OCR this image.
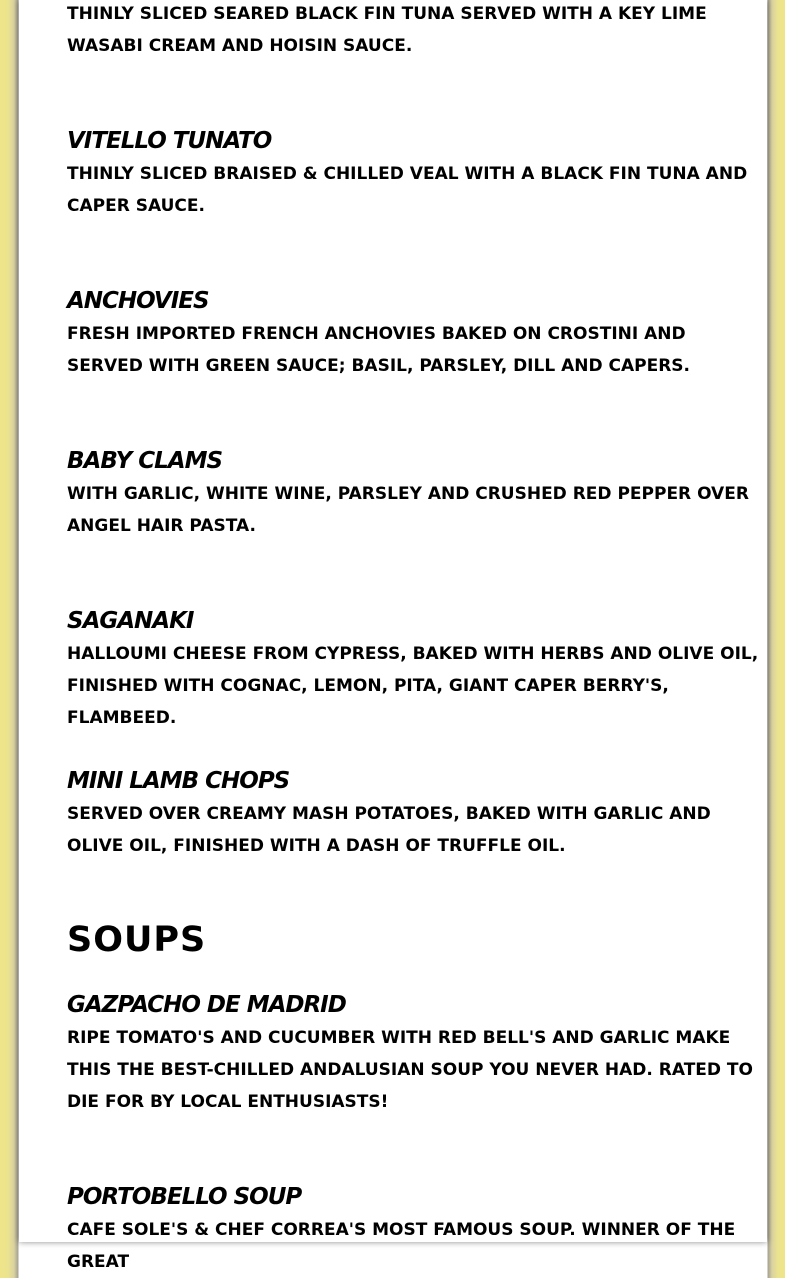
THINLY SLICED SEARED BLACK FIN TUNA SERVED WITH A KEY LIME WASABI CREAM AND HOISIN SAUCE.

VITELLO TUNATO

THINLY SLICED BRAISED & CHILLED VEAL WITH A BLACK FIN TUNA AND CAPER SAUCE.

ANCHOVIES

FRESH IMPORTED FRENCH ANCHOVIES BAKED ON CROSTINI AND SERVED WITH GREEN SAUCE; BASIL, PARSLEY, DILL AND CAPERS.

BABY CLAMS

WITH GARLIC, WHITE WINE, PARSLEY AND CRUSHED RED PEPPER OVER ANGEL HAIR PASTA.

SAGANAKI

HALLOUMI CHEESE FROM CYPRESS, BAKED WITH HERBS AND OLIVE OIL, FINISHED WITH COGNAC, LEMON, PITA, GIANT CAPER BERRY'S, FLAMBEED.

MINI LAMB CHOPS

SERVED OVER CREAMY MASH POTATOES, BAKED WITH GARLIC AND OLIVE OIL, FINISHED WITH A DASH OF TRUFFLE OIL.

SOUPS
GAZPACHO DE MADRID

RIPE TOMATO'S AND CUCUMBER WITH RED BELL'S AND GARLIC MAKE THIS THE BEST-CHILLED ANDALUSIAN SOUP YOU NEVER HAD. RATED TO DIE FOR BY LOCAL ENTHUSIASTS!

PORTOBELLO SOUP

CAFE SOLE'S & CHEF CORREA'S MOST FAMOUS SOUP. WINNER OF THE GREAT
